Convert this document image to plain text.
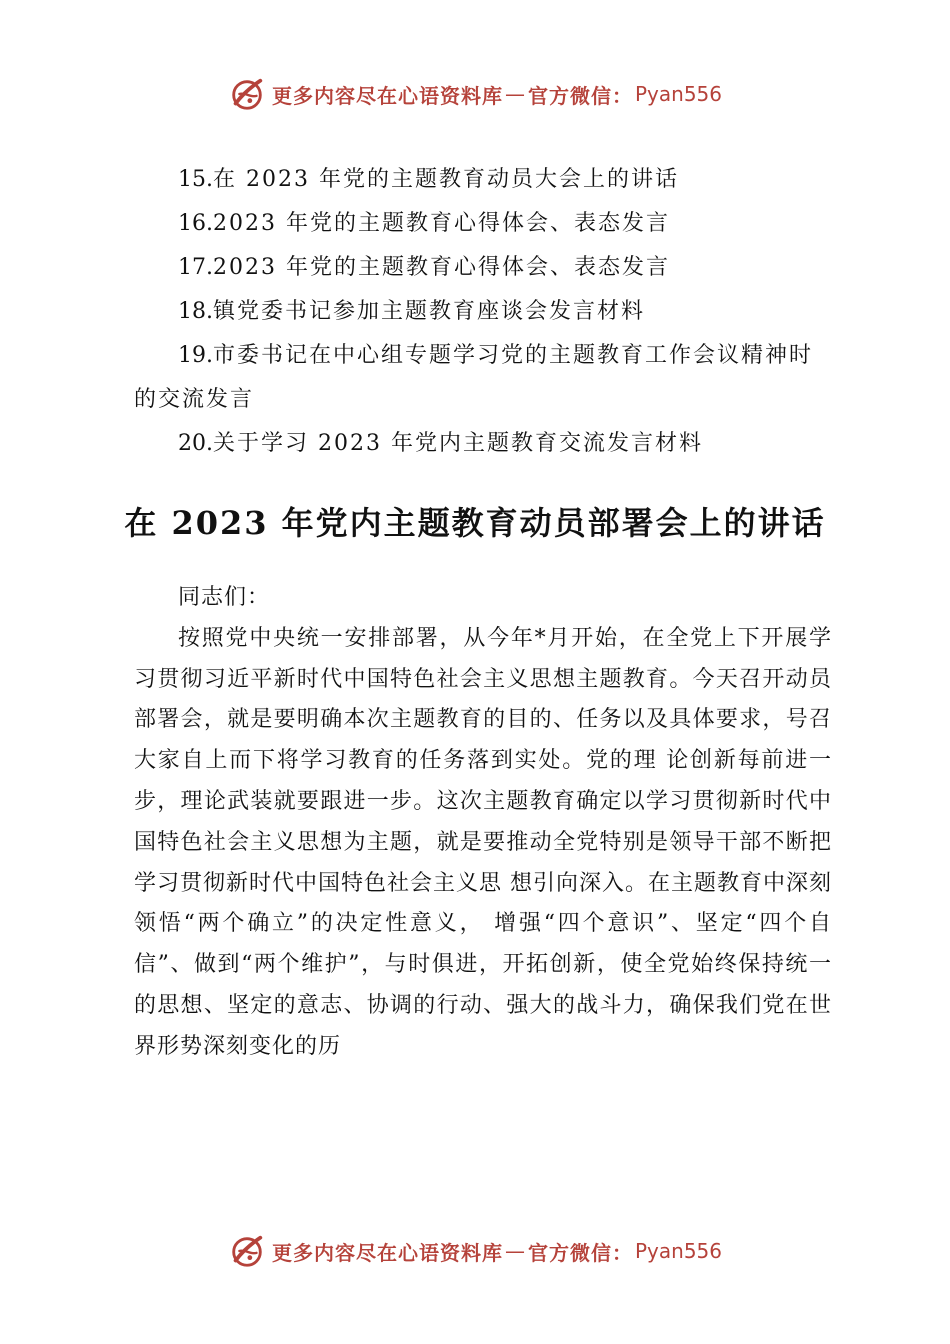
更多内容尽在心语资料库 — 官方微信： Pyan556
15.在 2023 年党的主题教育动员大会上的讲话
16.2023 年党的主题教育心得体会、表态发言
17.2023 年党的主题教育心得体会、表态发言
18.镇党委书记参加主题教育座谈会发言材料
19.市委书记在中心组专题学习党的主题教育工作会议精神时的交流发言
20.关于学习 2023 年党内主题教育交流发言材料
在 2023 年党内主题教育动员部署会上的讲话

同志们：

按照党中央统一安排部署，从今年*月开始，在全党上下开展学习贯彻习近平新时代中国特色社会主义思想主题教育。今天召开动员部署会，就是要明确本次主题教育的目的、任务以及具体要求，号召大家自上而下将学习教育的任务落到实处。党的理 论创新每前进一步，理论武装就要跟进一步。这次主题教育确定以学习贯彻新时代中国特色社会主义思想为主题，就是要推动全党特别是领导干部不断把学习贯彻新时代中国特色社会主义思 想引向深入。在主题教育中深刻领悟“两个确立”的决定性意义， 增强“四个意识”、坚定“四个自信”、做到“两个维护”，与时俱进，开拓创新，使全党始终保持统一的思想、坚定的意志、协调的行动、强大的战斗力，确保我们党在世界形势深刻变化的历

更多内容尽在心语资料库 — 官方微信： Pyan556
